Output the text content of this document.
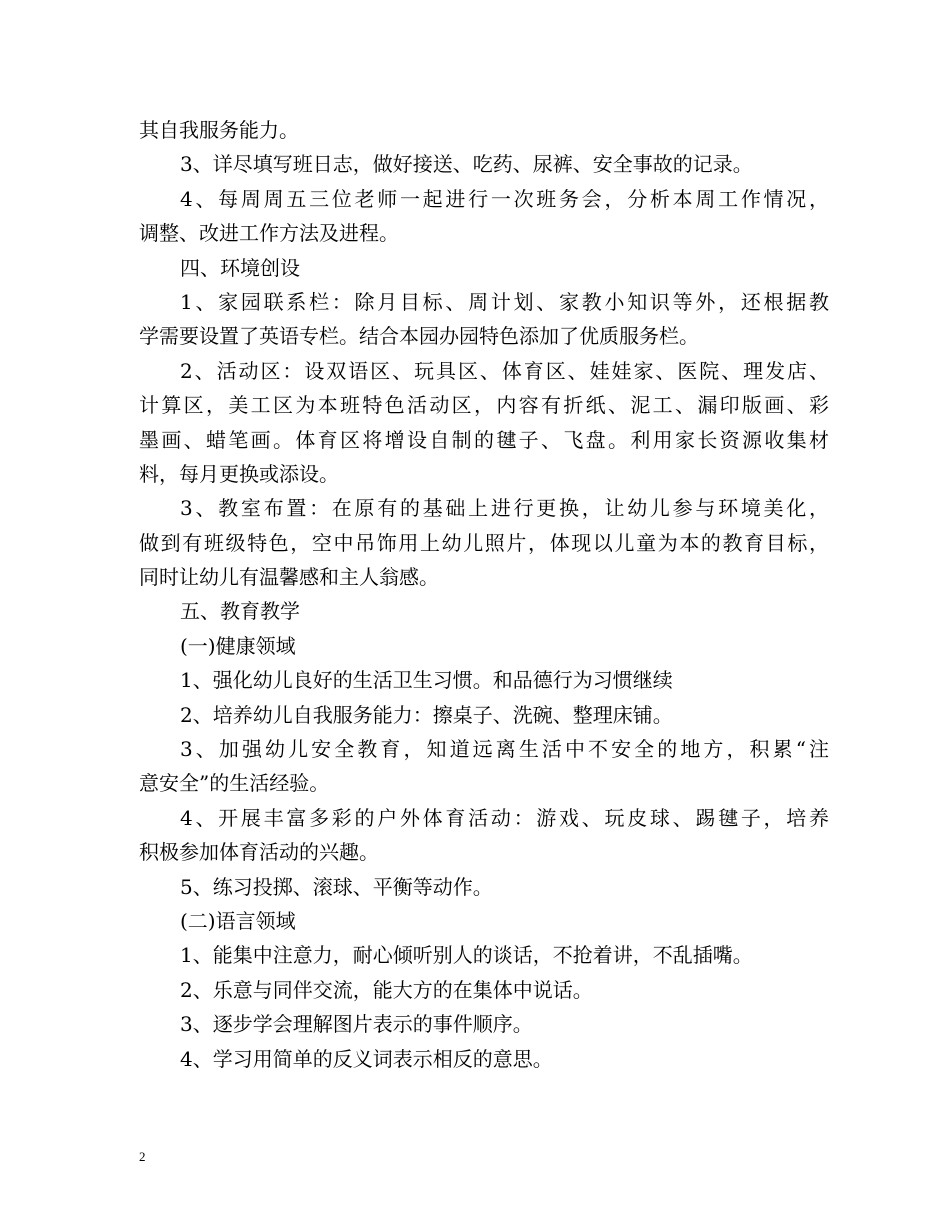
其自我服务能力。
3、详尽填写班日志，做好接送、吃药、尿裤、安全事故的记录。
4、每周周五三位老师一起进行一次班务会，分析本周工作情况，
调整、改进工作方法及进程。
四、环境创设
1、家园联系栏：除月目标、周计划、家教小知识等外，还根据教
学需要设置了英语专栏。结合本园办园特色添加了优质服务栏。
2、活动区：设双语区、玩具区、体育区、娃娃家、医院、理发店、
计算区，美工区为本班特色活动区，内容有折纸、泥工、漏印版画、彩
墨画、蜡笔画。体育区将增设自制的毽子、飞盘。利用家长资源收集材
料，每月更换或添设。
3、教室布置：在原有的基础上进行更换，让幼儿参与环境美化，
做到有班级特色，空中吊饰用上幼儿照片，体现以儿童为本的教育目标，
同时让幼儿有温馨感和主人翁感。
五、教育教学
(一)健康领域
1、强化幼儿良好的生活卫生习惯。和品德行为习惯继续
2、培养幼儿自我服务能力：擦桌子、洗碗、整理床铺。
3、加强幼儿安全教育，知道远离生活中不安全的地方，积累“注
意安全”的生活经验。
4、开展丰富多彩的户外体育活动：游戏、玩皮球、踢毽子，培养
积极参加体育活动的兴趣。
5、练习投掷、滚球、平衡等动作。
(二)语言领域
1、能集中注意力，耐心倾听别人的谈话，不抢着讲，不乱插嘴。
2、乐意与同伴交流，能大方的在集体中说话。
3、逐步学会理解图片表示的事件顺序。
4、学习用简单的反义词表示相反的意思。
2
